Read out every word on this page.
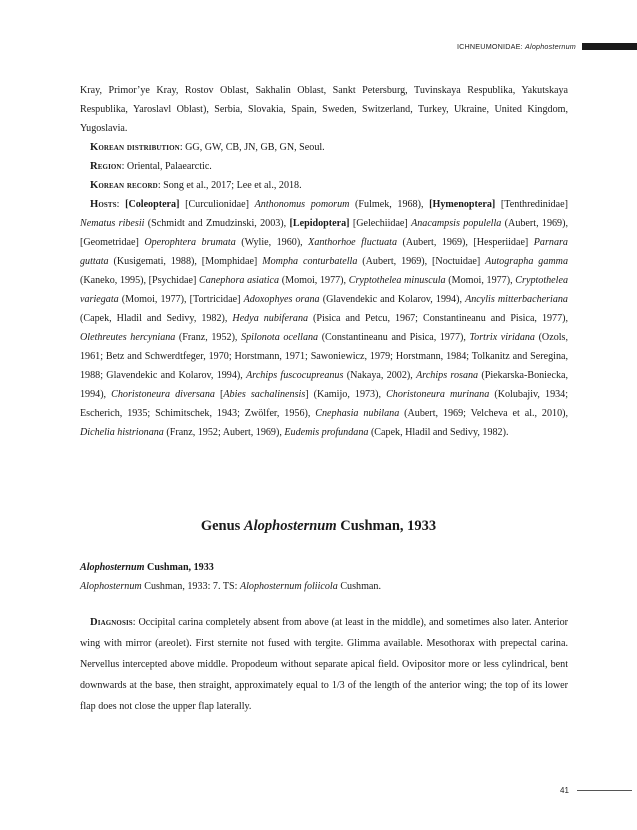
ICHNEUMONIDAE:
Alophosternum

Kray, Primor’ye Kray, Rostov Oblast, Sakhalin Oblast, Sankt Petersburg, Tuvinskaya Respublika, Yakutskaya Respublika, Yaroslavl Oblast), Serbia, Slovakia, Spain, Sweden, Switzerland, Turkey, Ukraine, United Kingdom, Yugoslavia.

Korean distribution: GG, GW, CB, JN, GB, GN, Seoul.

Region: Oriental, Palaearctic.

Korean record: Song et al., 2017; Lee et al., 2018.

Hosts: [Coleoptera] [Curculionidae] Anthonomus pomorum (Fulmek, 1968), [Hymenoptera] [Tenthredinidae] Nematus ribesii (Schmidt and Zmudzinski, 2003), [Lepidoptera] [Gelechiidae] Anacampsis populella (Aubert, 1969), [Geometridae] Operophtera brumata (Wylie, 1960), Xanthorhoe fluctuata (Aubert, 1969), [Hesperiidae] Parnara guttata (Kusigemati, 1988), [Momphidae] Mompha conturbatella (Aubert, 1969), [Noctuidae] Autographa gamma (Kaneko, 1995), [Psychidae] Canephora asiatica (Momoi, 1977), Cryptothelea minuscula (Momoi, 1977), Cryptothelea variegata (Momoi, 1977), [Tortricidae] Adoxophyes orana (Glavendekic and Kolarov, 1994), Ancylis mitterbacheriana (Capek, Hladil and Sedivy, 1982), Hedya nubiferana (Pisica and Petcu, 1967; Constantineanu and Pisica, 1977), Olethreutes hercyniana (Franz, 1952), Spilonota ocellana (Constantineanu and Pisica, 1977), Tortrix viridana (Ozols, 1961; Betz and Schwerdtfeger, 1970; Horstmann, 1971; Sawoniewicz, 1979; Horstmann, 1984; Tolkanitz and Seregina, 1988; Glavendekic and Kolarov, 1994), Archips fuscocupreanus (Nakaya, 2002), Archips rosana (Piekarska-Boniecka, 1994), Choristoneura diversana [Abies sachalinensis] (Kamijo, 1973), Choristoneura murinana (Kolubajiv, 1934; Escherich, 1935; Schimitschek, 1943; Zwölfer, 1956), Cnephasia nubilana (Aubert, 1969; Velcheva et al., 2010), Dichelia histrionana (Franz, 1952; Aubert, 1969), Eudemis profundana (Capek, Hladil and Sedivy, 1982).

Genus Alophosternum Cushman, 1933

Alophosternum Cushman, 1933

Alophosternum Cushman, 1933: 7. TS: Alophosternum foliicola Cushman.

Diagnosis: Occipital carina completely absent from above (at least in the middle), and sometimes also later. Anterior wing with mirror (areolet). First sternite not fused with tergite. Glimma available. Mesothorax with prepectal carina. Nervellus intercepted above middle. Propodeum without separate apical field. Ovipositor more or less cylindrical, bent downwards at the base, then straight, approximately equal to 1/3 of the length of the anterior wing; the top of its lower flap does not close the upper flap laterally.

41
